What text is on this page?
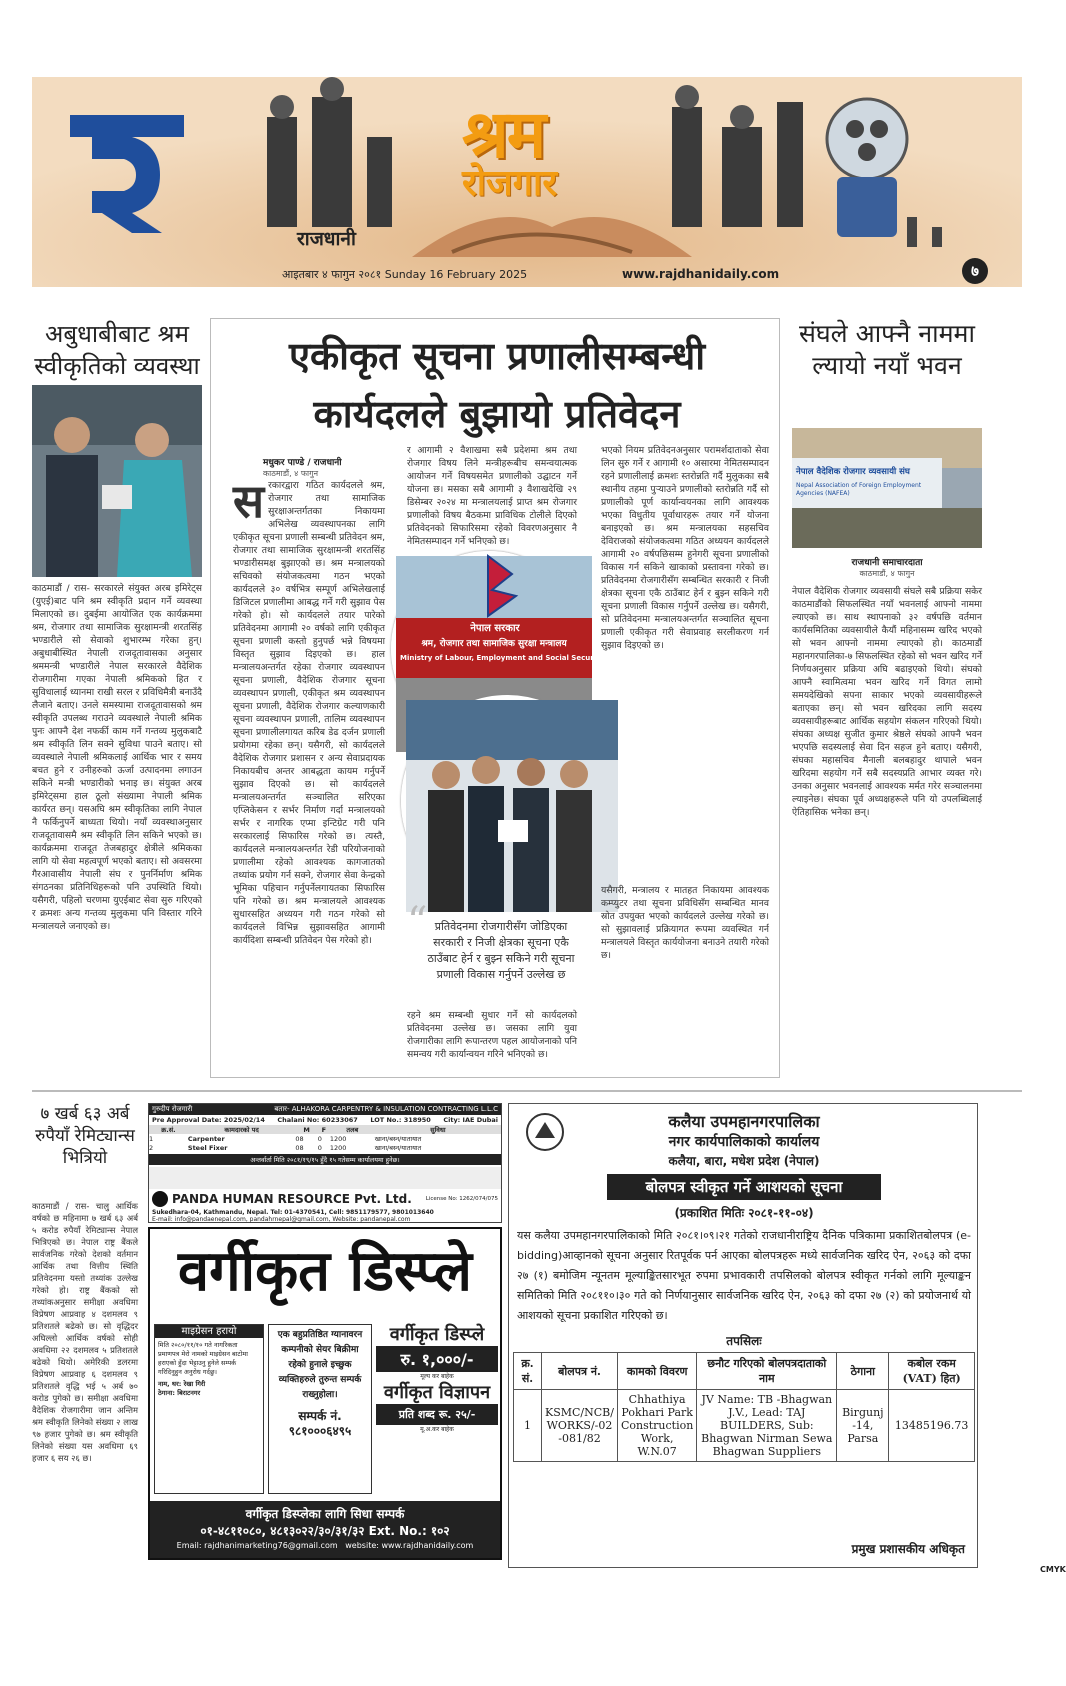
राजधानी
श्रम
रोजगार
आइतबार ४ फागुन २०८१ Sunday 16 February 2025	www.rajdhanidaily.com	७
अबुधाबीबाट श्रम स्वीकृतिको व्यवस्था
काठमाडौं / रास- सरकारले संयुक्त अरब इमिरेट्स (युएई)बाट पनि श्रम स्वीकृति प्रदान गर्ने व्यवस्था मिलाएको छ। दुबईमा आयोजित एक कार्यक्रममा श्रम, रोजगार तथा सामाजिक सुरक्षामन्त्री शरतसिंह भण्डारीले सो सेवाको शुभारम्भ गरेका हुन्। अबुधाबीस्थित नेपाली राजदूतावासका अनुसार श्रममन्त्री भण्डारीले नेपाल सरकारले वैदेशिक रोजगारीमा गएका नेपाली श्रमिकको हित र सुविधालाई ध्यानमा राखी सरल र प्रविधिमैत्री बनाउँदै लैजाने बताए। उनले समस्यामा राजदूतावासको श्रम स्वीकृति उपलब्ध गराउने व्यवस्थाले नेपाली श्रमिक पुनः आफ्नै देश नफर्की काम गर्ने गन्तव्य मुलुकबाटै श्रम स्वीकृति लिन सक्ने सुविधा पाउने बताए। सो व्यवस्थाले नेपाली श्रमिकलाई आर्थिक भार र समय बचत हुने र उनीहरुको ऊर्जा उत्पादनमा लगाउन सकिने मन्त्री भण्डारीको भनाइ छ। संयुक्त अरब इमिरेट्समा हाल ठूलो संख्यामा नेपाली श्रमिक कार्यरत छन्। यसअघि श्रम स्वीकृतिका लागि नेपाल नै फर्किनुपर्ने बाध्यता थियो। नयाँ व्यवस्थाअनुसार राजदूतावासमै श्रम स्वीकृति लिन सकिने भएको छ। कार्यक्रममा राजदूत तेजबहादुर क्षेत्रीले श्रमिकका लागि यो सेवा महत्वपूर्ण भएको बताए। सो अवसरमा गैरआवासीय नेपाली संघ र पुनर्निर्माण श्रमिक संगठनका प्रतिनिधिहरूको पनि उपस्थिति थियो। यसैगरी, पहिलो चरणमा युएईबाट सेवा सुरु गरिएको र क्रमशः अन्य गन्तव्य मुलुकमा पनि विस्तार गरिने मन्त्रालयले जनाएको छ।
एकीकृत सूचना प्रणालीसम्बन्धी कार्यदलले बुझायो प्रतिवेदन
मधुकर पाण्डे / राजधानी
काठमाडौं, ४ फागुन
सरकारद्वारा गठित कार्यदलले श्रम, रोजगार तथा सामाजिक सुरक्षाअन्तर्गतका निकायमा अभिलेख व्यवस्थापनका लागि एकीकृत सूचना प्रणाली सम्बन्धी प्रतिवेदन श्रम, रोजगार तथा सामाजिक सुरक्षामन्त्री शरतसिंह भण्डारीसमक्ष बुझाएको छ। श्रम मन्त्रालयको सचिवको संयोजकत्वमा गठन भएको कार्यदलले ३० वर्षभित्र सम्पूर्ण अभिलेखलाई डिजिटल प्रणालीमा आबद्ध गर्ने गरी सुझाव पेस गरेको हो। सो कार्यदलले तयार पारेको प्रतिवेदनमा आगामी २० वर्षको लागि एकीकृत सूचना प्रणाली कस्तो हुनुपर्छ भन्ने विषयमा विस्तृत सुझाव दिइएको छ। हाल मन्त्रालयअन्तर्गत रहेका रोजगार व्यवस्थापन सूचना प्रणाली, वैदेशिक रोजगार सूचना व्यवस्थापन प्रणाली, एकीकृत श्रम व्यवस्थापन सूचना प्रणाली, वैदेशिक रोजगार कल्याणकारी सूचना व्यवस्थापन प्रणाली, तालिम व्यवस्थापन सूचना प्रणालीलगायत करिब डेढ दर्जन प्रणाली प्रयोगमा रहेका छन्। यसैगरी, सो कार्यदलले वैदेशिक रोजगार प्रशासन र अन्य सेवाप्रदायक निकायबीच अन्तर आबद्धता कायम गर्नुपर्ने सुझाव दिएको छ। सो कार्यदलले मन्त्रालयअन्तर्गत सञ्चालित सरिएका एप्लिकेसन र सर्भर निर्माण गर्दा मन्त्रालयको सर्भर र नागरिक एप्मा इन्टिग्रेट गरी पनि सरकारलाई सिफारिस गरेको छ। त्यस्तै, कार्यदलले मन्त्रालयअन्तर्गत रेडी परियोजनाको प्रणालीमा रहेको आवश्यक कागजातको तथ्यांक प्रयोग गर्न सक्ने, रोजगार सेवा केन्द्रको भूमिका पहिचान गर्नुपर्नेलगायतका सिफारिस पनि गरेको छ। श्रम मन्त्रालयले आवश्यक सुधारसहित अध्ययन गरी गठन गरेको सो कार्यदलले विभिन्न सुझावसहित आगामी कार्यदिशा सम्बन्धी प्रतिवेदन पेस गरेको हो।
र आगामी २ वैशाखमा सबै प्रदेशमा श्रम तथा रोजगार विषय लिने मन्त्रीहरूबीच समन्वयात्मक आयोजन गर्ने विषयसमेत प्रणालीको उद्घाटन गर्ने योजना छ। मसका सबै आगामी ३ वैशाखदेखि २९ डिसेम्बर २०२४ मा मन्त्रालयलाई प्राप्त श्रम रोजगार प्रणालीको विषय बैठकमा प्राविधिक टोलीले दिएको प्रतिवेदनको सिफारिसमा रहेको विवरणअनुसार नै नेमितसम्पादन गर्ने भनिएको छ।
भएको नियम प्रतिवेदनअनुसार परामर्शदाताको सेवा लिन सुरु गर्ने र आगामी १० असारमा नेमितसम्पादन रहने प्रणालीलाई क्रमशः स्तरोन्नति गर्दै मुलुकका सबै स्थानीय तहमा पुर्‍याउने प्रणालीको स्तरोन्नति गर्दै सो प्रणालीको पूर्ण कार्यान्वयनका लागि आवश्यक भएका विधुतीय पूर्वाधारहरू तयार गर्ने योजना बनाइएको छ। श्रम मन्त्रालयका सहसचिव देविराजको संयोजकत्वमा गठित अध्ययन कार्यदलले आगामी २० वर्षपछिसम्म हुनेगरी सूचना प्रणालीको विकास गर्न सकिने खाकाको प्रस्तावना गरेको छ। प्रतिवेदनमा रोजगारीसँग सम्बन्धित सरकारी र निजी क्षेत्रका सूचना एकै ठाउँबाट हेर्न र बुझ्न सकिने गरी सूचना प्रणाली विकास गर्नुपर्ने उल्लेख छ। यसैगरी, सो प्रतिवेदनमा मन्त्रालयअन्तर्गत सञ्चालित सूचना प्रणाली एकीकृत गरी सेवाप्रवाह सरलीकरण गर्न सुझाव दिइएको छ।
नेपाल सरकार
श्रम, रोजगार तथा सामाजिक सुरक्षा मन्त्रालय
Ministry of Labour, Employment and Social Security
“ प्रतिवेदनमा रोजगारीसँग जोडिएका सरकारी र निजी क्षेत्रका सूचना एकै ठाउँबाट हेर्न र बुझ्न सकिने गरी सूचना प्रणाली विकास गर्नुपर्ने उल्लेख छ
रहने श्रम सम्बन्धी सुधार गर्ने सो कार्यदलको प्रतिवेदनमा उल्लेख छ। जसका लागि युवा रोजगारीका लागि रूपान्तरण पहल आयोजनाको पनि समन्वय गरी कार्यान्वयन गरिने भनिएको छ।
यसैगरी, मन्त्रालय र मातहत निकायमा आवश्यक कम्प्युटर तथा सूचना प्रविधिसँग सम्बन्धित मानव स्रोत उपयुक्त भएको कार्यदलले उल्लेख गरेको छ। सो सुझावलाई प्रक्रियागत रूपमा व्यवस्थित गर्न मन्त्रालयले विस्तृत कार्ययोजना बनाउने तयारी गरेको छ।
संघले आफ्नै नाममा ल्यायो नयाँ भवन
नेपाल वैदेशिक रोजगार व्यवसायी संघ
Nepal Association of Foreign Employment Agencies (NAFEA)
राजधानी समाचारदाता
काठमाडौं, ४ फागुन
नेपाल वैदेशिक रोजगार व्यवसायी संघले सबै प्रक्रिया सकेर काठमाडौंको सिफलस्थित नयाँ भवनलाई आफ्नो नाममा ल्याएको छ। साथ स्थापनाको ३२ वर्षपछि वर्तमान कार्यसमितिका व्यवसायीले कैयौं महिनासम्म खरिद भएको सो भवन आफ्नो नाममा ल्याएको हो। काठमाडौं महानगरपालिका-७ सिफलस्थित रहेको सो भवन खरिद गर्ने निर्णयअनुसार प्रक्रिया अघि बढाइएको थियो। संघको आफ्नै स्वामित्वमा भवन खरिद गर्ने विगत लामो समयदेखिको सपना साकार भएको व्यवसायीहरूले बताएका छन्। सो भवन खरिदका लागि सदस्य व्यवसायीहरूबाट आर्थिक सहयोग संकलन गरिएको थियो। संघका अध्यक्ष सुजीत कुमार श्रेष्ठले संघको आफ्नै भवन भएपछि सदस्यलाई सेवा दिन सहज हुने बताए। यसैगरी, संघका महासचिव मैनाली बलबहादुर थापाले भवन खरिदमा सहयोग गर्ने सबै सदस्यप्रति आभार व्यक्त गरे। उनका अनुसार भवनलाई आवश्यक मर्मत गरेर सञ्चालनमा ल्याइनेछ। संघका पूर्व अध्यक्षहरूले पनि यो उपलब्धिलाई ऐतिहासिक भनेका छन्।
७ खर्ब ६३ अर्ब रुपैयाँ रेमिट्यान्स भित्रियो
काठमाडौं / रास- चालु आर्थिक वर्षको छ महिनामा ७ खर्ब ६३ अर्ब ५ करोड रुपैयाँ रेमिट्यान्स नेपाल भित्रिएको छ। नेपाल राष्ट्र बैंकले सार्वजनिक गरेको देशको वर्तमान आर्थिक तथा वित्तीय स्थिति प्रतिवेदनमा यस्तो तथ्यांक उल्लेख गरेको हो। राष्ट्र बैंकको सो तथ्यांकअनुसार समीक्षा अवधिमा विप्रेषण आप्रवाह ४ दशमलव ९ प्रतिशतले बढेको छ। सो वृद्धिदर अघिल्लो आर्थिक वर्षको सोही अवधिमा २२ दशमलव ५ प्रतिशतले बढेको थियो। अमेरिकी डलरमा विप्रेषण आप्रवाह ६ दशमलव ९ प्रतिशतले वृद्धि भई ५ अर्ब ७० करोड पुगेको छ। समीक्षा अवधिमा वैदेशिक रोजगारीमा जान अन्तिम श्रम स्वीकृति लिनेको संख्या २ लाख ९७ हजार पुगेको छ। श्रम स्वीकृति लिनेको संख्या यस अवधिमा ६९ हजार ६ सय २६ छ।
गुरुदीप रोजगारी	बतार- ALHAKORA CARPENTRY & INSULATION CONTRACTING L.L.C
Pre Approval Date: 2025/02/14 Chalani No: 60233067 LOT No.: 318950 City: IAE Dubai
क्र.सं.	कामदारको पद	M	F	तलब	सुविधा
1	Carpenter	08	0	1200	खाना/बस्न/यातायात
2	Steel Fixer	08	0	1200	खाना/बस्न/यातायात
अन्तर्वार्ता मिति २०८१/१९/१५ हुँदै १५ गतेसम्म कार्यालयमा हुनेछ।
PANDA HUMAN RESOURCE Pvt. Ltd.	License No: 1262/074/075
Sukedhara-04, Kathmandu, Nepal. Tel: 01-4370541, Cell: 9851179577, 9801013640
E-mail: info@pandaenepal.com, pandahrnepal@gmail.com, Website: pandanepal.com
वर्गीकृत डिस्प्ले
माइग्रेसन हरायो
मिति २०८०/११/१० गते नागरिकता प्रमाणपत्र मेरो नामको माइग्रेसन बाटोमा हराएको हुँदा भेट्टाउनु हुनेले सम्पर्क गरिदिनुहुन अनुरोध गर्दछु।
नाम, थर: रेखा गिरी
ठेगाना: बिराटनगर
एक बहुप्रतिष्ठित ग्यानावरन कम्पनीको सेयर बिक्रीमा रहेको हुनाले इच्छुक व्यक्तिहरुले तुरुन्त सम्पर्क राख्नुहोला।
सम्पर्क नं.
९८१०००६४९५
वर्गीकृत डिस्प्ले
रु. १,०००/-
मूल्य कर बाहेक
वर्गीकृत विज्ञापन
प्रति शब्द रू. २५/-
मू.अ.कर बाहेक
वर्गीकृत डिस्प्लेका लागि सिधा सम्पर्क
०१-४८११०८०, ४८१३०२२/३०/३१/३२ Ext. No.: १०२
Email: rajdhanimarketing76@gmail.com website: www.rajdhanidaily.com
कलैया उपमहानगरपालिका
नगर कार्यपालिकाको कार्यालय
कलैया, बारा, मधेश प्रदेश (नेपाल)
बोलपत्र स्वीकृत गर्ने आशयको सूचना
(प्रकाशित मितिः २०८१-११-०४)
यस कलैया उपमहानगरपालिकाको मिति २०८१।०९।२१ गतेको राजधानीराष्ट्रिय दैनिक पत्रिकामा प्रकाशितबोलपत्र (e-bidding)आव्हानको सूचना अनुसार रितपूर्वक पर्न आएका बोलपत्रहरू मध्ये सार्वजनिक खरिद ऐन, २०६३ को दफा २७ (१) बमोजिम न्यूनतम मूल्याङ्कितसारभूत रुपमा प्रभावकारी तपसिलको बोलपत्र स्वीकृत गर्नको लागि मूल्याङ्कन समितिको मिति २०८११०।३० गते को निर्णयानुसार सार्वजनिक खरिद ऐन, २०६३ को दफा २७ (२) को प्रयोजनार्थ यो आशयको सूचना प्रकाशित गरिएको छ।
तपसिलः
क्र. सं.	बोलपत्र नं.	कामको विवरण	छनौट गरिएको बोलपत्रदाताको नाम	ठेगाना	कबोल रकम (VAT) हित)
1	KSMC/NCB/ WORKS/-02 -081/82	Chhathiya Pokhari Park Construction Work, W.N.07	JV Name: TB -Bhagwan J.V., Lead: TAJ BUILDERS, Sub: Bhagwan Nirman Sewa Bhagwan Suppliers	Birgunj -14, Parsa	13485196.73
प्रमुख प्रशासकीय अधिकृत
CMYK
